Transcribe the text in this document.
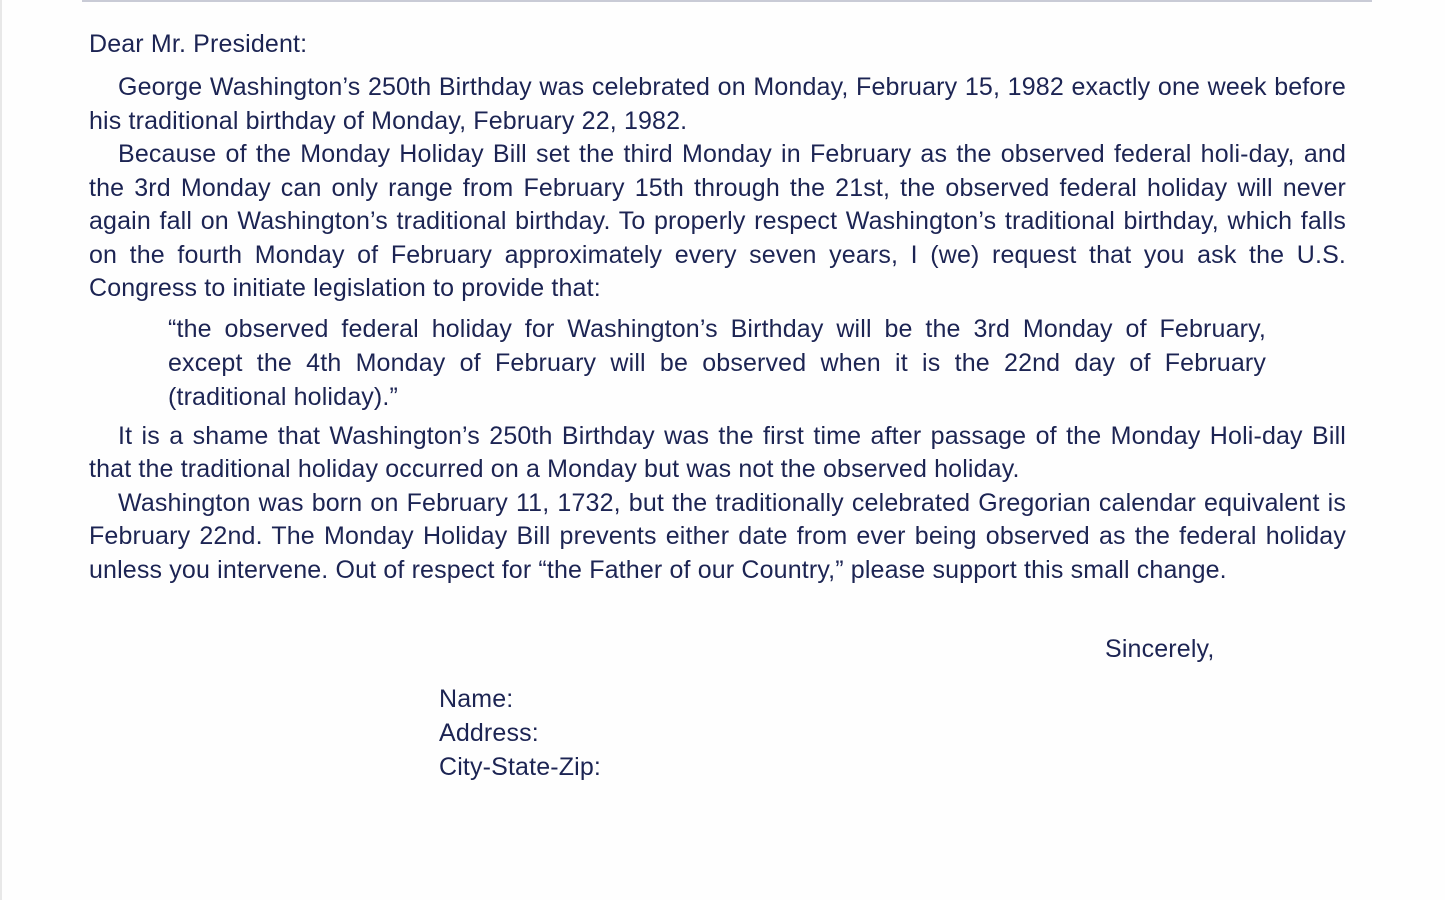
Dear Mr. President:

George Washington’s 250th Birthday was celebrated on Monday, February 15, 1982 exactly one week before his traditional birthday of Monday, February 22, 1982.

Because of the Monday Holiday Bill set the third Monday in February as the observed federal holi-day, and the 3rd Monday can only range from February 15th through the 21st, the observed federal holiday will never again fall on Washington’s traditional birthday. To properly respect Washington’s traditional birthday, which falls on the fourth Monday of February approximately every seven years, I (we) request that you ask the U.S. Congress to initiate legislation to provide that:

“the observed federal holiday for Washington’s Birthday will be the 3rd Monday of February, except the 4th Monday of February will be observed when it is the 22nd day of February (traditional holiday).”

It is a shame that Washington’s 250th Birthday was the first time after passage of the Monday Holi-day Bill that the traditional holiday occurred on a Monday but was not the observed holiday.

Washington was born on February 11, 1732, but the traditionally celebrated Gregorian calendar equivalent is February 22nd. The Monday Holiday Bill prevents either date from ever being observed as the federal holiday unless you intervene. Out of respect for “the Father of our Country,” please support this small change.

Sincerely,
Name:
Address:
City-State-Zip:
